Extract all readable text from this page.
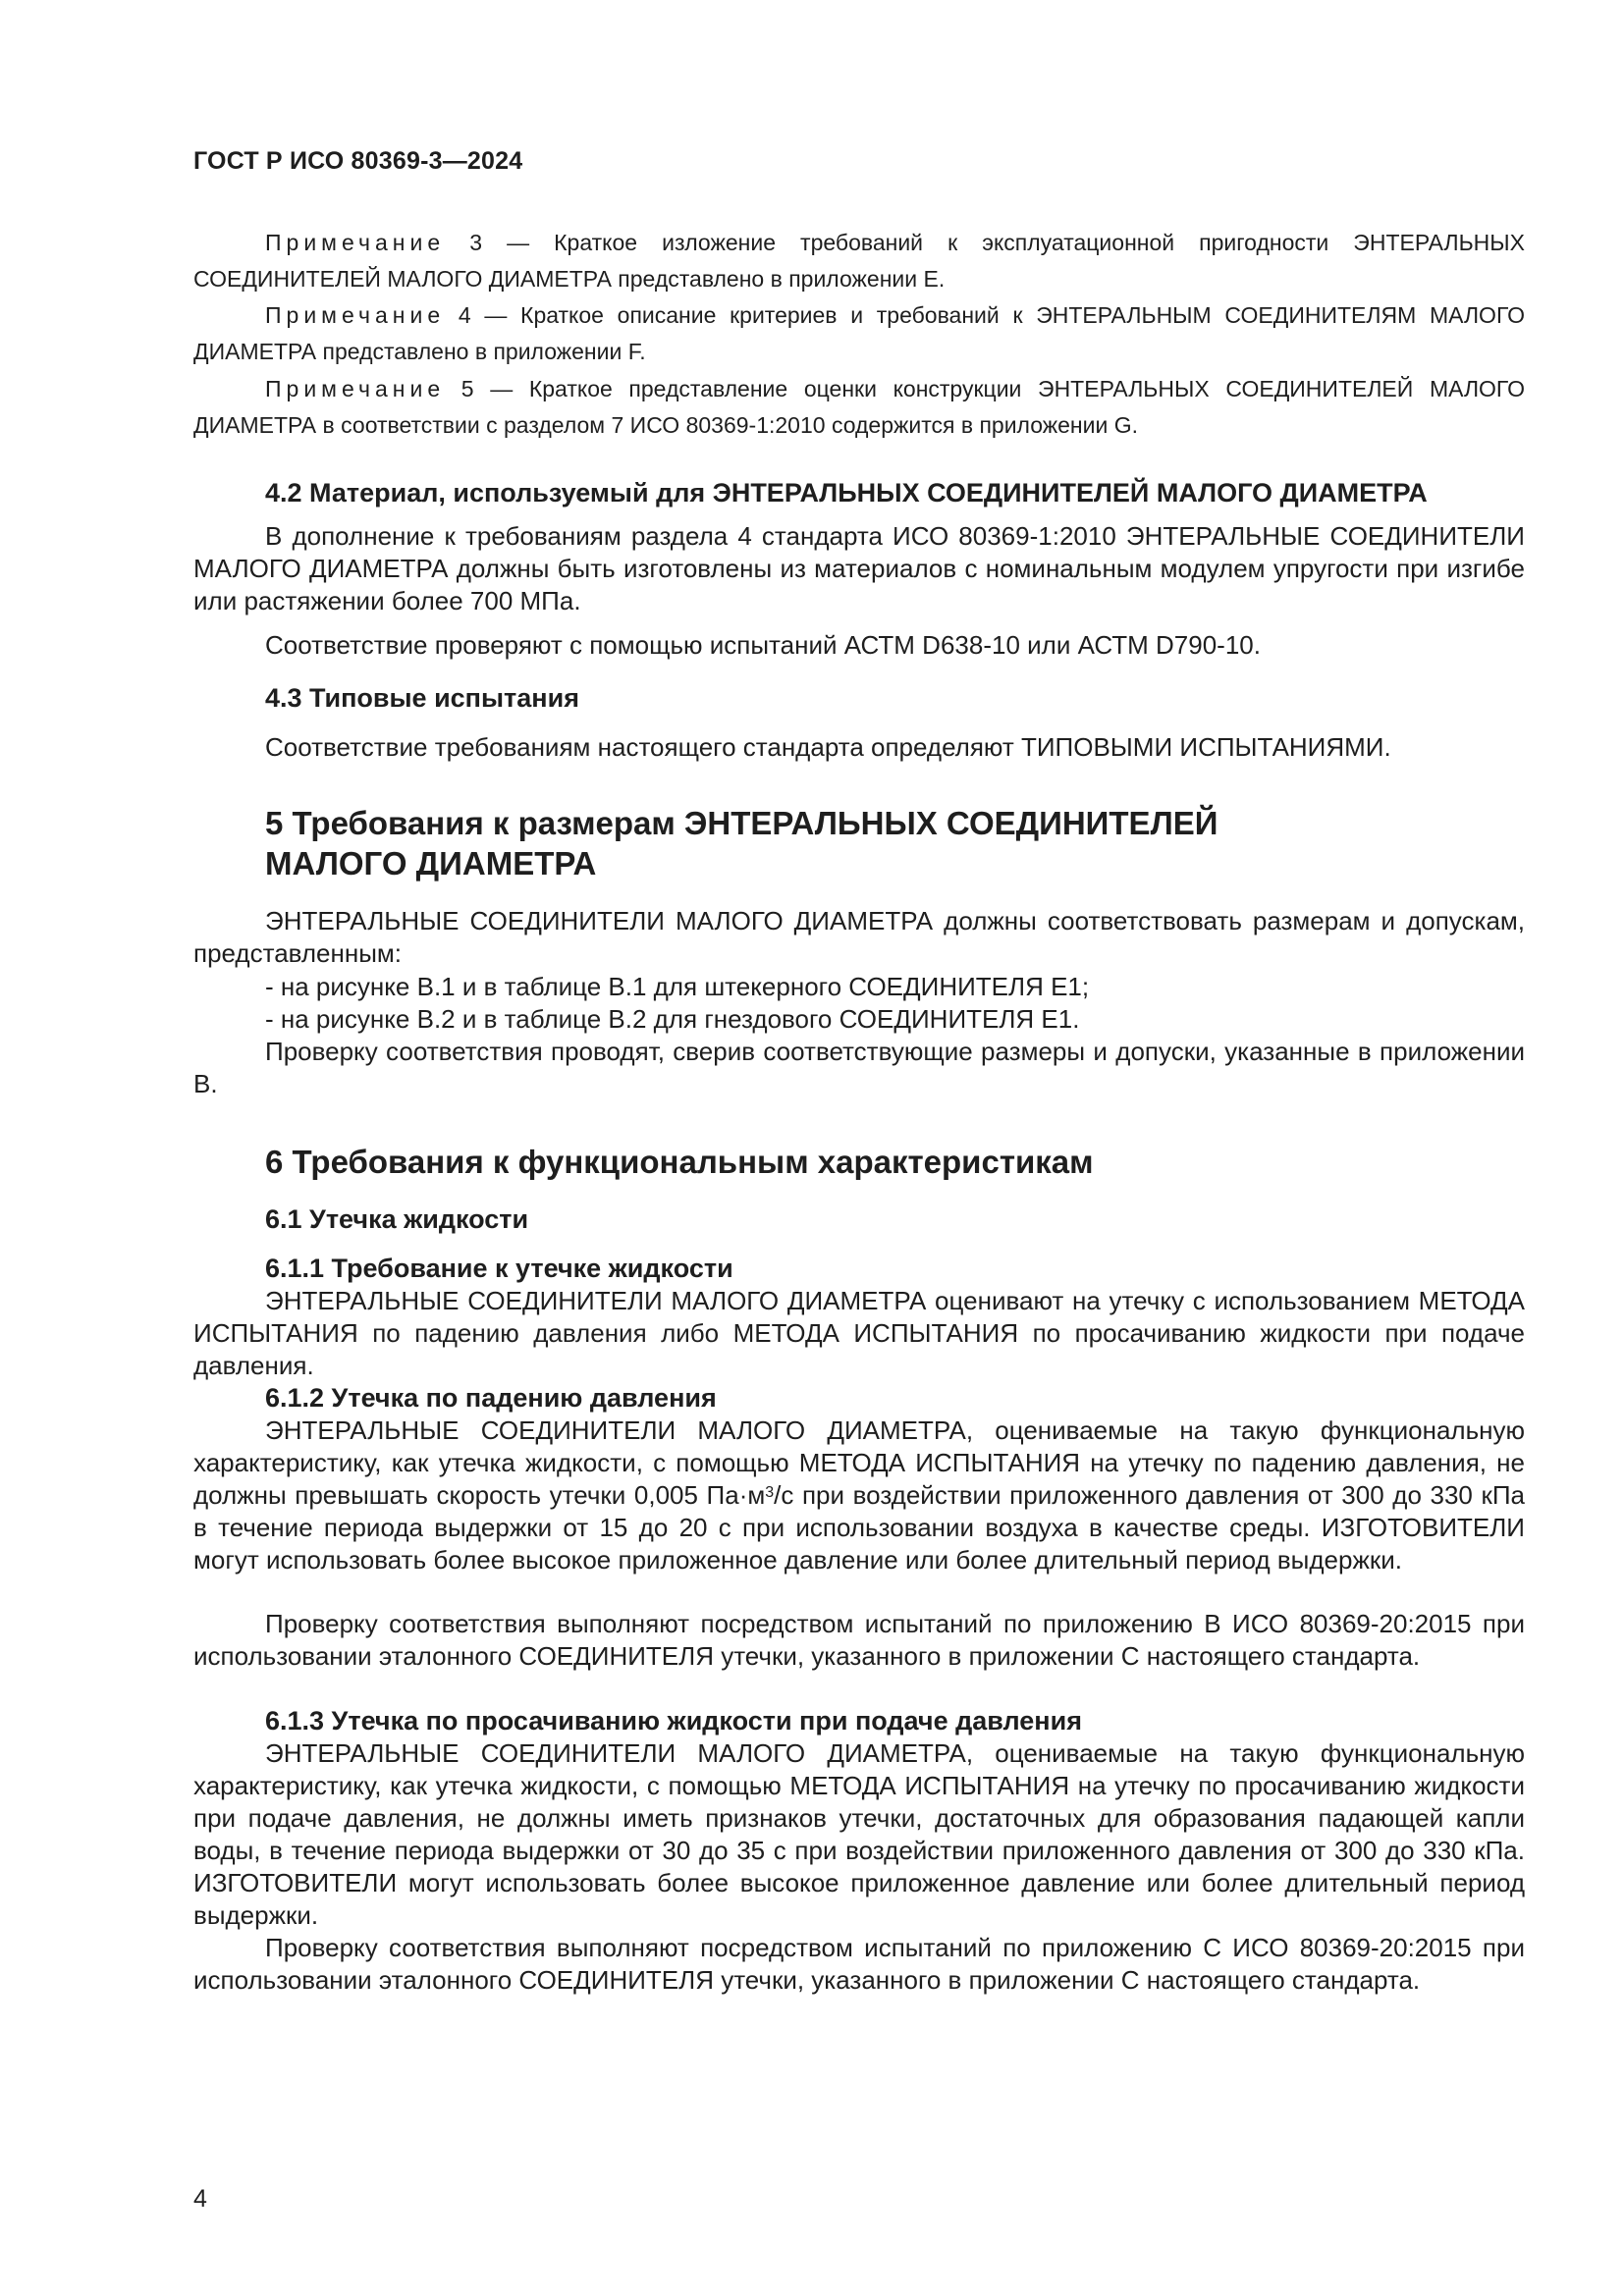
ГОСТ Р ИСО 80369-3—2024

Примечание 3 — Краткое изложение требований к эксплуатационной пригодности ЭНТЕРАЛЬНЫХ СОЕДИНИТЕЛЕЙ МАЛОГО ДИАМЕТРА представлено в приложении E.

Примечание 4 — Краткое описание критериев и требований к ЭНТЕРАЛЬНЫМ СОЕДИНИТЕЛЯМ МАЛОГО ДИАМЕТРА представлено в приложении F.

Примечание 5 — Краткое представление оценки конструкции ЭНТЕРАЛЬНЫХ СОЕДИНИТЕЛЕЙ МАЛОГО ДИАМЕТРА в соответствии с разделом 7 ИСО 80369-1:2010 содержится в приложении G.

4.2 Материал, используемый для ЭНТЕРАЛЬНЫХ СОЕДИНИТЕЛЕЙ МАЛОГО ДИАМЕТРА

В дополнение к требованиям раздела 4 стандарта ИСО 80369-1:2010 ЭНТЕРАЛЬНЫЕ СОЕДИНИТЕЛИ МАЛОГО ДИАМЕТРА должны быть изготовлены из материалов с номинальным модулем упругости при изгибе или растяжении более 700 МПа.

Соответствие проверяют с помощью испытаний АСТМ D638-10 или АСТМ D790-10.

4.3 Типовые испытания

Соответствие требованиям настоящего стандарта определяют ТИПОВЫМИ ИСПЫТАНИЯМИ.

5 Требования к размерам ЭНТЕРАЛЬНЫХ СОЕДИНИТЕЛЕЙ
МАЛОГО ДИАМЕТРА

ЭНТЕРАЛЬНЫЕ СОЕДИНИТЕЛИ МАЛОГО ДИАМЕТРА должны соответствовать размерам и допускам, представленным:

- на рисунке В.1 и в таблице В.1 для штекерного СОЕДИНИТЕЛЯ Е1;
- на рисунке В.2 и в таблице В.2 для гнездового СОЕДИНИТЕЛЯ Е1.

Проверку соответствия проводят, сверив соответствующие размеры и допуски, указанные в приложении В.

6 Требования к функциональным характеристикам
6.1 Утечка жидкости
6.1.1 Требование к утечке жидкости

ЭНТЕРАЛЬНЫЕ СОЕДИНИТЕЛИ МАЛОГО ДИАМЕТРА оценивают на утечку с использованием МЕТОДА ИСПЫТАНИЯ по падению давления либо МЕТОДА ИСПЫТАНИЯ по просачиванию жидкости при подаче давления.

6.1.2 Утечка по падению давления

ЭНТЕРАЛЬНЫЕ СОЕДИНИТЕЛИ МАЛОГО ДИАМЕТРА, оцениваемые на такую функциональную характеристику, как утечка жидкости, с помощью МЕТОДА ИСПЫТАНИЯ на утечку по падению давления, не должны превышать скорость утечки 0,005 $Па\cdot м^3/с$ при воздействии приложенного давления от 300 до 330 кПа в течение периода выдержки от 15 до 20 с при использовании воздуха в качестве среды. ИЗГОТОВИТЕЛИ могут использовать более высокое приложенное давление или более длительный период выдержки.

Проверку соответствия выполняют посредством испытаний по приложению В ИСО 80369-20:2015 при использовании эталонного СОЕДИНИТЕЛЯ утечки, указанного в приложении С настоящего стандарта.

6.1.3 Утечка по просачиванию жидкости при подаче давления

ЭНТЕРАЛЬНЫЕ СОЕДИНИТЕЛИ МАЛОГО ДИАМЕТРА, оцениваемые на такую функциональную характеристику, как утечка жидкости, с помощью МЕТОДА ИСПЫТАНИЯ на утечку по просачиванию жидкости при подаче давления, не должны иметь признаков утечки, достаточных для образования падающей капли воды, в течение периода выдержки от 30 до 35 с при воздействии приложенного давления от 300 до 330 кПа. ИЗГОТОВИТЕЛИ могут использовать более высокое приложенное давление или более длительный период выдержки.

Проверку соответствия выполняют посредством испытаний по приложению С ИСО 80369-20:2015 при использовании эталонного СОЕДИНИТЕЛЯ утечки, указанного в приложении С настоящего стандарта.

4
